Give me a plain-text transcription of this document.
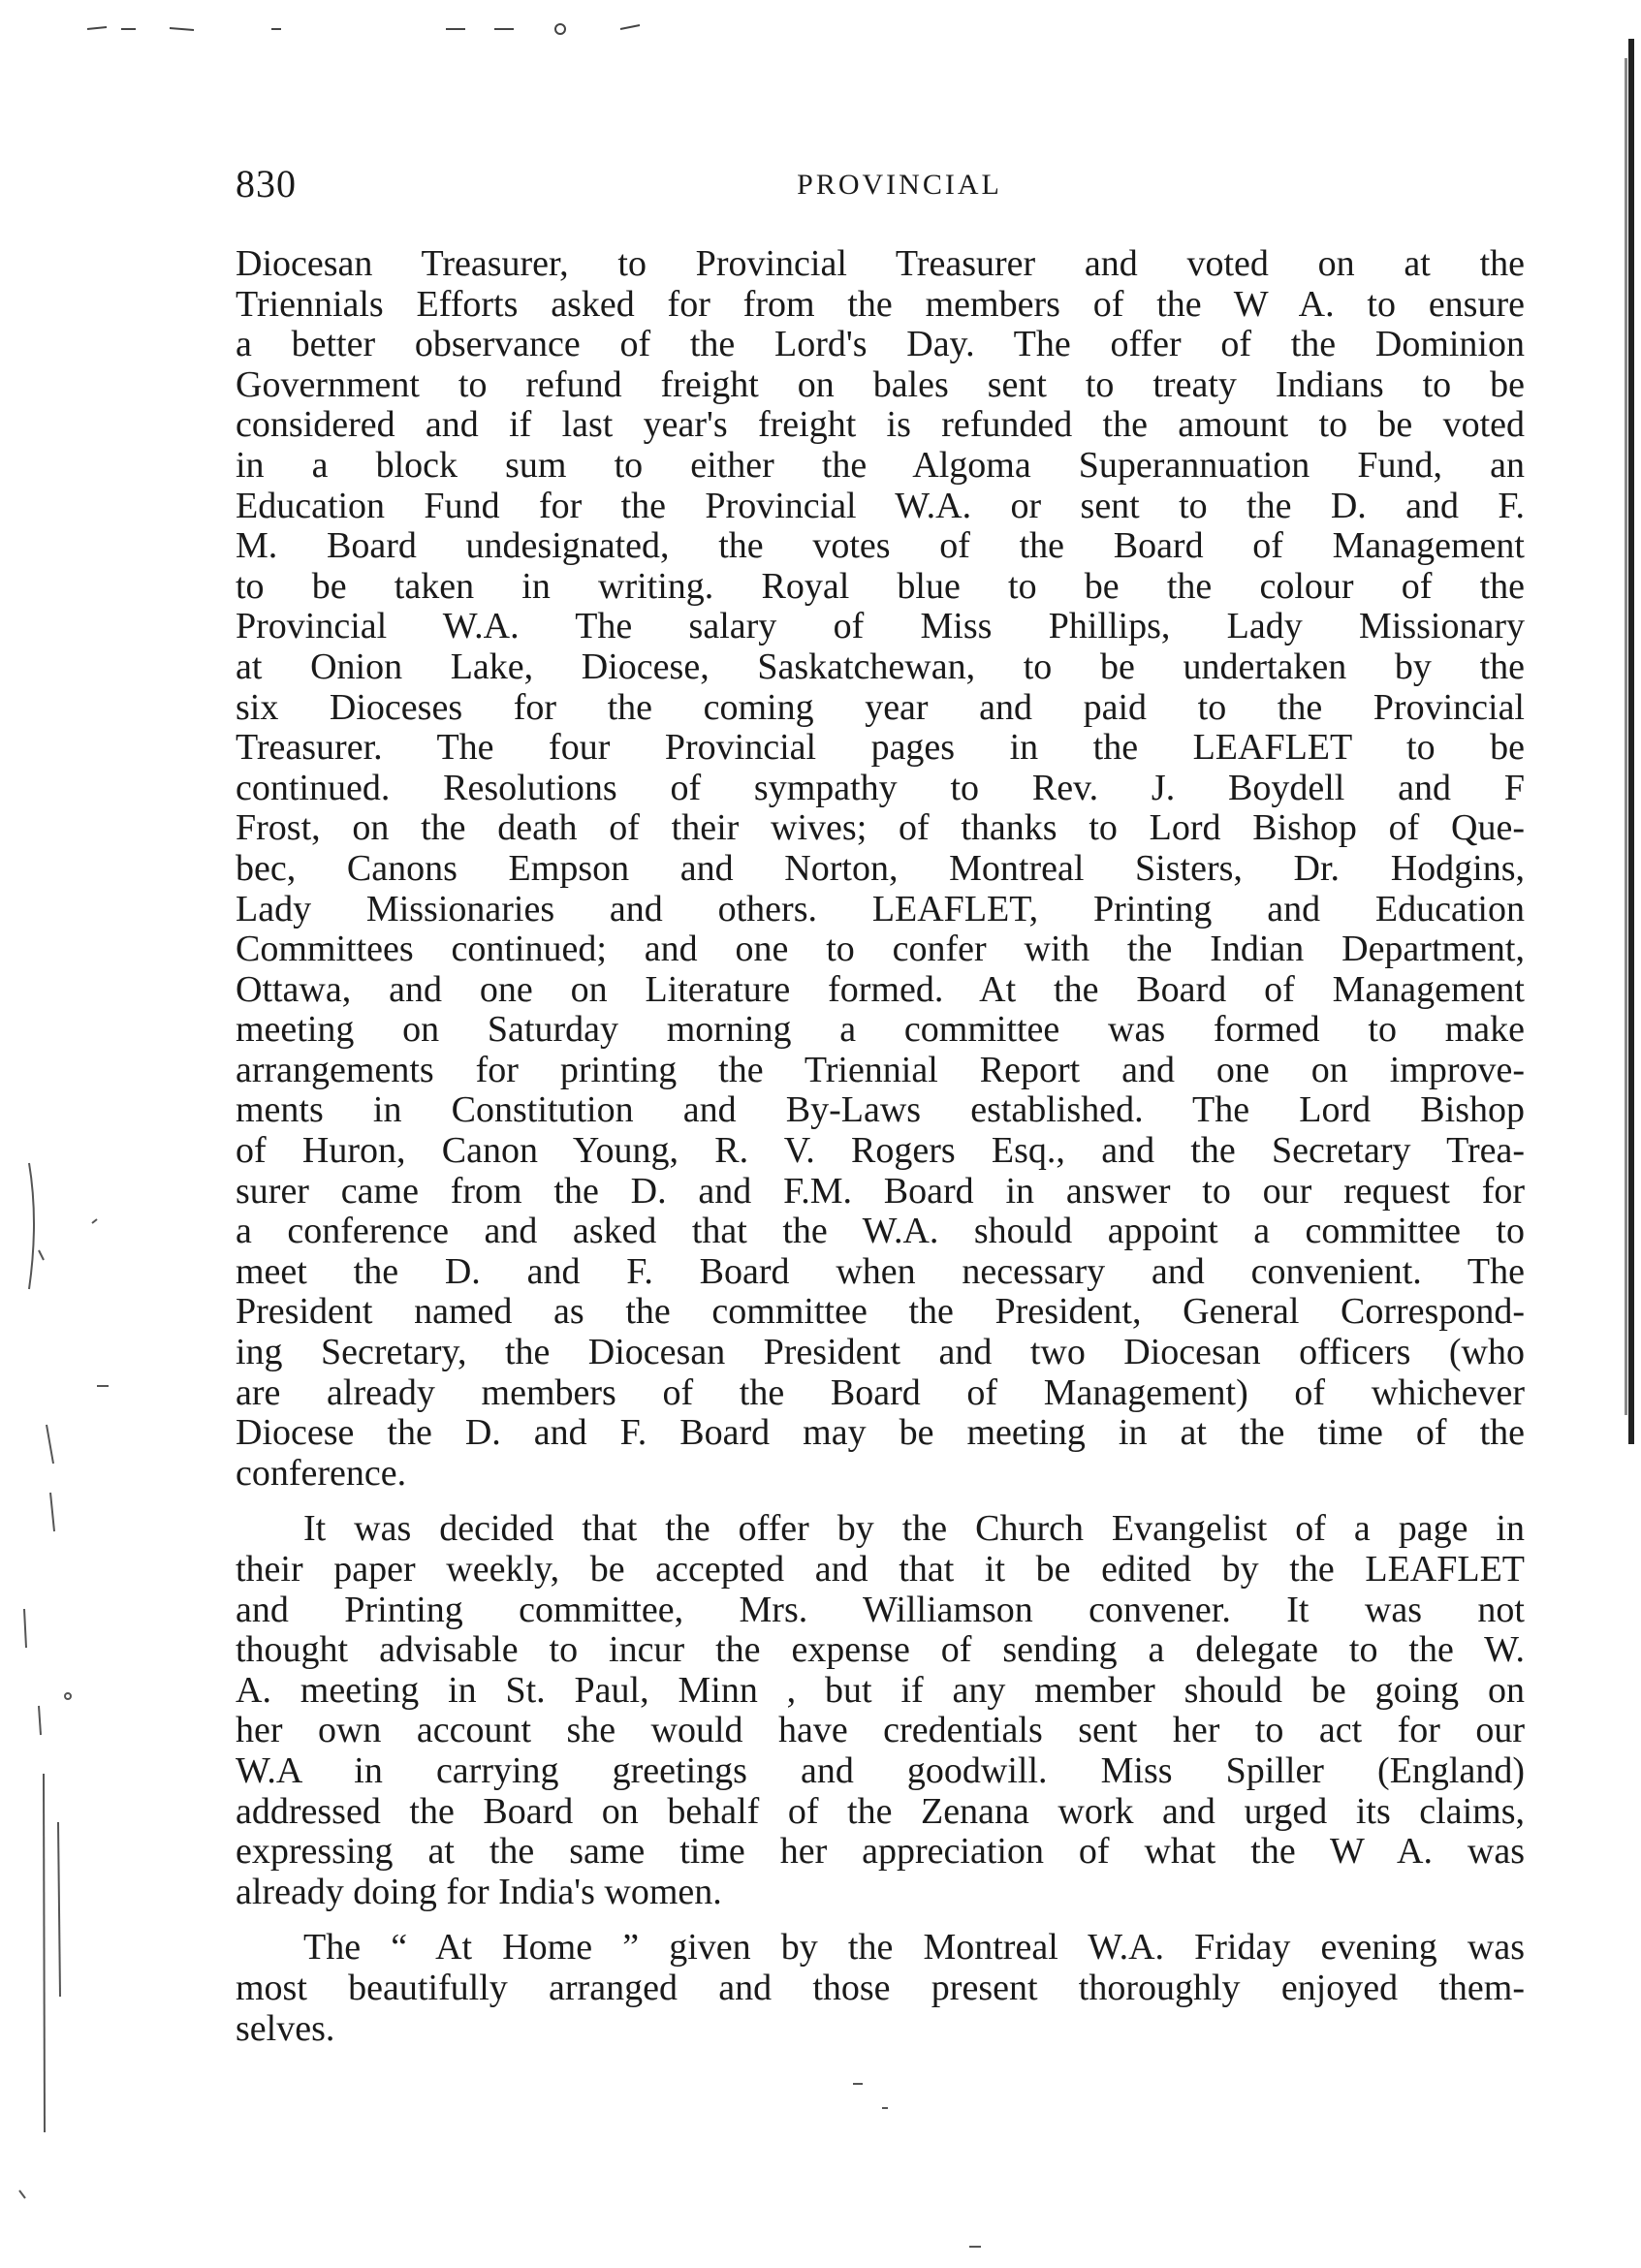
830	PROVINCIAL
Diocesan Treasurer, to Provincial Treasurer and voted on at the
Triennials Efforts asked for from the members of the W A. to ensure
a better observance of the Lord's Day. The offer of the Dominion
Government to refund freight on bales sent to treaty Indians to be
considered and if last year's freight is refunded the amount to be voted
in a block sum to either the Algoma Superannuation Fund, an
Education Fund for the Provincial W.A. or sent to the D. and F.
M. Board undesignated, the votes of the Board of Management
to be taken in writing. Royal blue to be the colour of the
Provincial W.A. The salary of Miss Phillips, Lady Missionary
at Onion Lake, Diocese, Saskatchewan, to be undertaken by the
six Dioceses for the coming year and paid to the Provincial
Treasurer. The four Provincial pages in the LEAFLET to be
continued. Resolutions of sympathy to Rev. J. Boydell and F
Frost, on the death of their wives; of thanks to Lord Bishop of Que-
bec, Canons Empson and Norton, Montreal Sisters, Dr. Hodgins,
Lady Missionaries and others. LEAFLET, Printing and Education
Committees continued; and one to confer with the Indian Department,
Ottawa, and one on Literature formed. At the Board of Management
meeting on Saturday morning a committee was formed to make
arrangements for printing the Triennial Report and one on improve-
ments in Constitution and By-Laws established. The Lord Bishop
of Huron, Canon Young, R. V. Rogers Esq., and the Secretary Trea-
surer came from the D. and F.M. Board in answer to our request for
a conference and asked that the W.A. should appoint a committee to
meet the D. and F. Board when necessary and convenient. The
President named as the committee the President, General Correspond-
ing Secretary, the Diocesan President and two Diocesan officers (who
are already members of the Board of Management) of whichever
Diocese the D. and F. Board may be meeting in at the time of the
conference.
It was decided that the offer by the Church Evangelist of a page in
their paper weekly, be accepted and that it be edited by the LEAFLET
and Printing committee, Mrs. Williamson convener. It was not
thought advisable to incur the expense of sending a delegate to the W.
A. meeting in St. Paul, Minn , but if any member should be going on
her own account she would have credentials sent her to act for our
W.A in carrying greetings and goodwill. Miss Spiller (England)
addressed the Board on behalf of the Zenana work and urged its claims,
expressing at the same time her appreciation of what the W A. was
already doing for India's women.
The “ At Home ” given by the Montreal W.A. Friday evening was
most beautifully arranged and those present thoroughly enjoyed them-
selves.
